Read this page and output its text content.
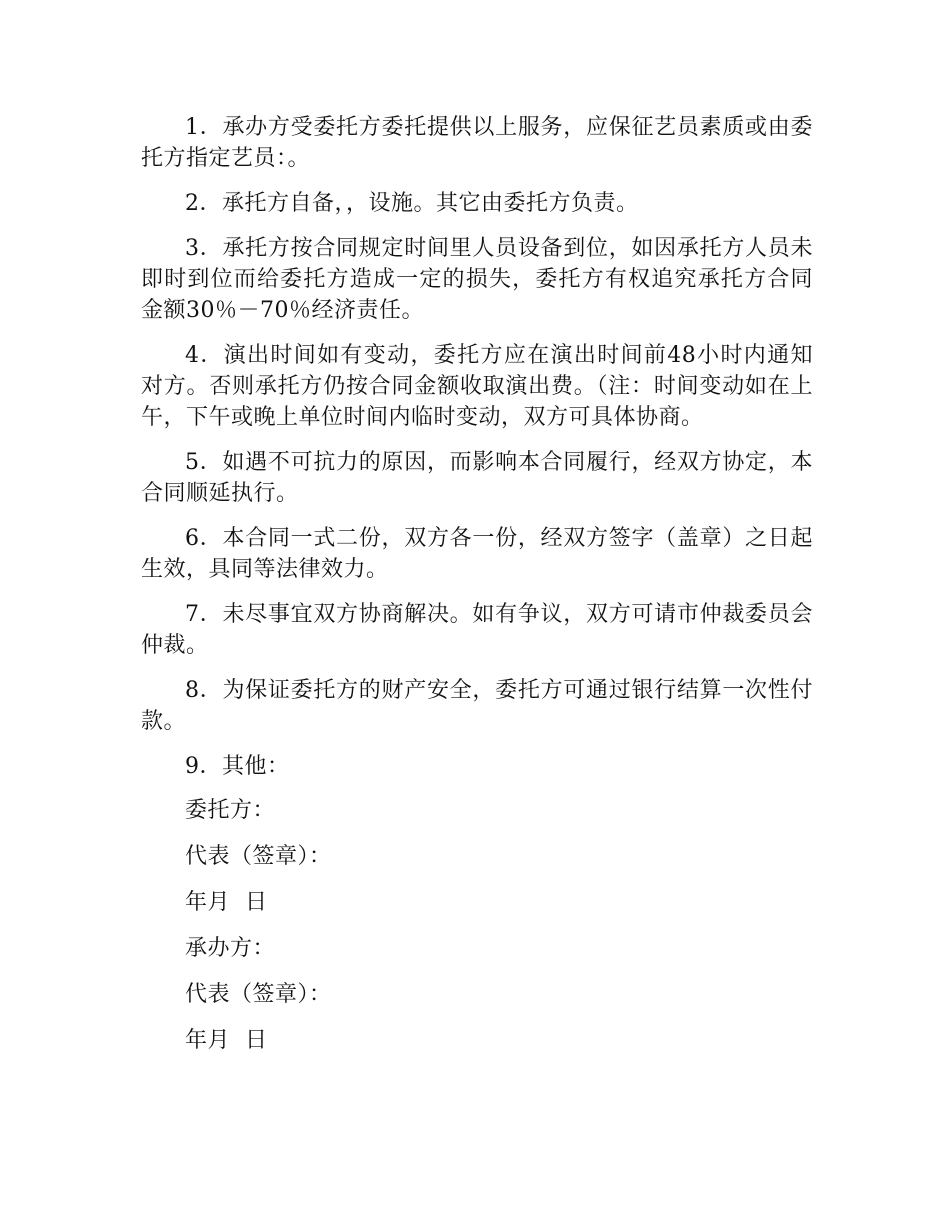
1．承办方受委托方委托提供以上服务，应保征艺员素质或由委托方指定艺员：。

2．承托方自备，，设施。其它由委托方负责。

3．承托方按合同规定时间里人员设备到位，如因承托方人员未即时到位而给委托方造成一定的损失，委托方有权追究承托方合同金额30％－70％经济责任。

4．演出时间如有变动，委托方应在演出时间前48小时内通知对方。否则承托方仍按合同金额收取演出费。（注：时间变动如在上午，下午或晚上单位时间内临时变动，双方可具体协商。

5．如遇不可抗力的原因，而影响本合同履行，经双方协定，本合同顺延执行。

6．本合同一式二份，双方各一份，经双方签字（盖章）之日起生效，具同等法律效力。

7．未尽事宜双方协商解决。如有争议，双方可请市仲裁委员会仲裁。

8．为保证委托方的财产安全，委托方可通过银行结算一次性付款。

9．其他：

委托方：

代表（签章）：

年月  日

承办方：

代表（签章）：

年月  日
